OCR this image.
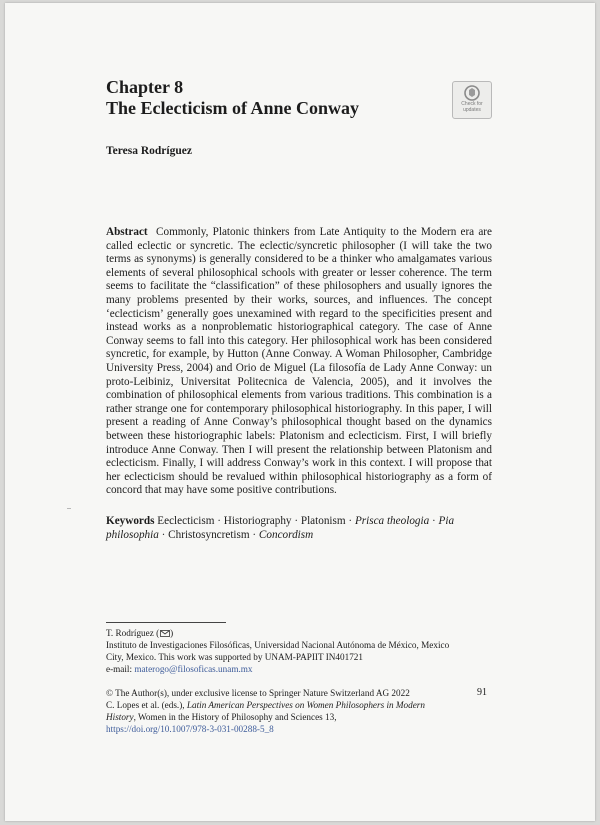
Chapter 8
The Eclecticism of Anne Conway	Check for
updates
Teresa Rodríguez

Abstract Commonly, Platonic thinkers from Late Antiquity to the Modern era are called eclectic or syncretic. The eclectic/syncretic philosopher (I will take the two terms as synonyms) is generally considered to be a thinker who amalgamates various elements of several philosophical schools with greater or lesser coherence. The term seems to facilitate the “classification” of these philosophers and usually ignores the many problems presented by their works, sources, and influences. The concept ‘eclecticism’ generally goes unexamined with regard to the specificities present and instead works as a nonproblematic historiographical category. The case of Anne Conway seems to fall into this category. Her philosophical work has been considered syncretic, for example, by Hutton (Anne Conway. A Woman Philosopher, Cambridge University Press, 2004) and Orio de Miguel (La filosofía de Lady Anne Conway: un proto-Leibiniz, Universitat Politecnica de Valencia, 2005), and it involves the combination of philosophical elements from various traditions. This combination is a rather strange one for contemporary philosophical historiography. In this paper, I will present a reading of Anne Conway’s philosophical thought based on the dynamics between these historiographic labels: Platonism and eclecticism. First, I will briefly introduce Anne Conway. Then I will present the relationship between Platonism and eclecticism. Finally, I will address Conway’s work in this context. I will propose that her eclecticism should be revalued within philosophical historiography as a form of concord that may have some positive contributions.

Keywords Eeclecticism · Historiography · Platonism · Prisca theologia · Pia philosophia · Christosyncretism · Concordism

T. Rodríguez ( )
Instituto de Investigaciones Filosóficas, Universidad Nacional Autónoma de México, Mexico
City, Mexico. This work was supported by UNAM-PAPIIT IN401721
e-mail: materogo@filosoficas.unam.mx
© The Author(s), under exclusive license to Springer Nature Switzerland AG 2022
C. Lopes et al. (eds.), Latin American Perspectives on Women Philosophers in Modern
History, Women in the History of Philosophy and Sciences 13,
https://doi.org/10.1007/978-3-031-00288-5_8
91
